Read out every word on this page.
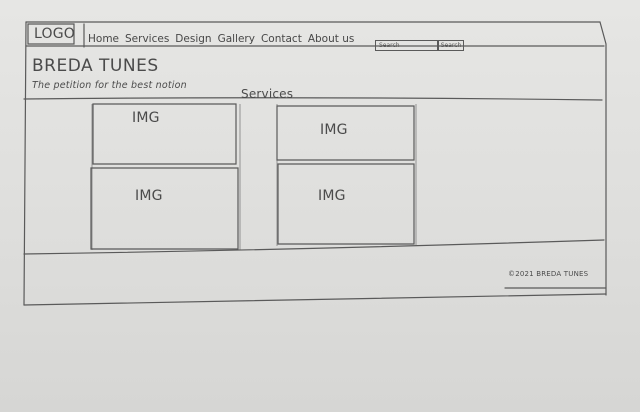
LOGO Home Services Design Gallery Contact About us
Search	Search
BREDA TUNES
The petition for the best notion
Services
IMG
IMG
IMG	IMG
©2021 BREDA TUNES
